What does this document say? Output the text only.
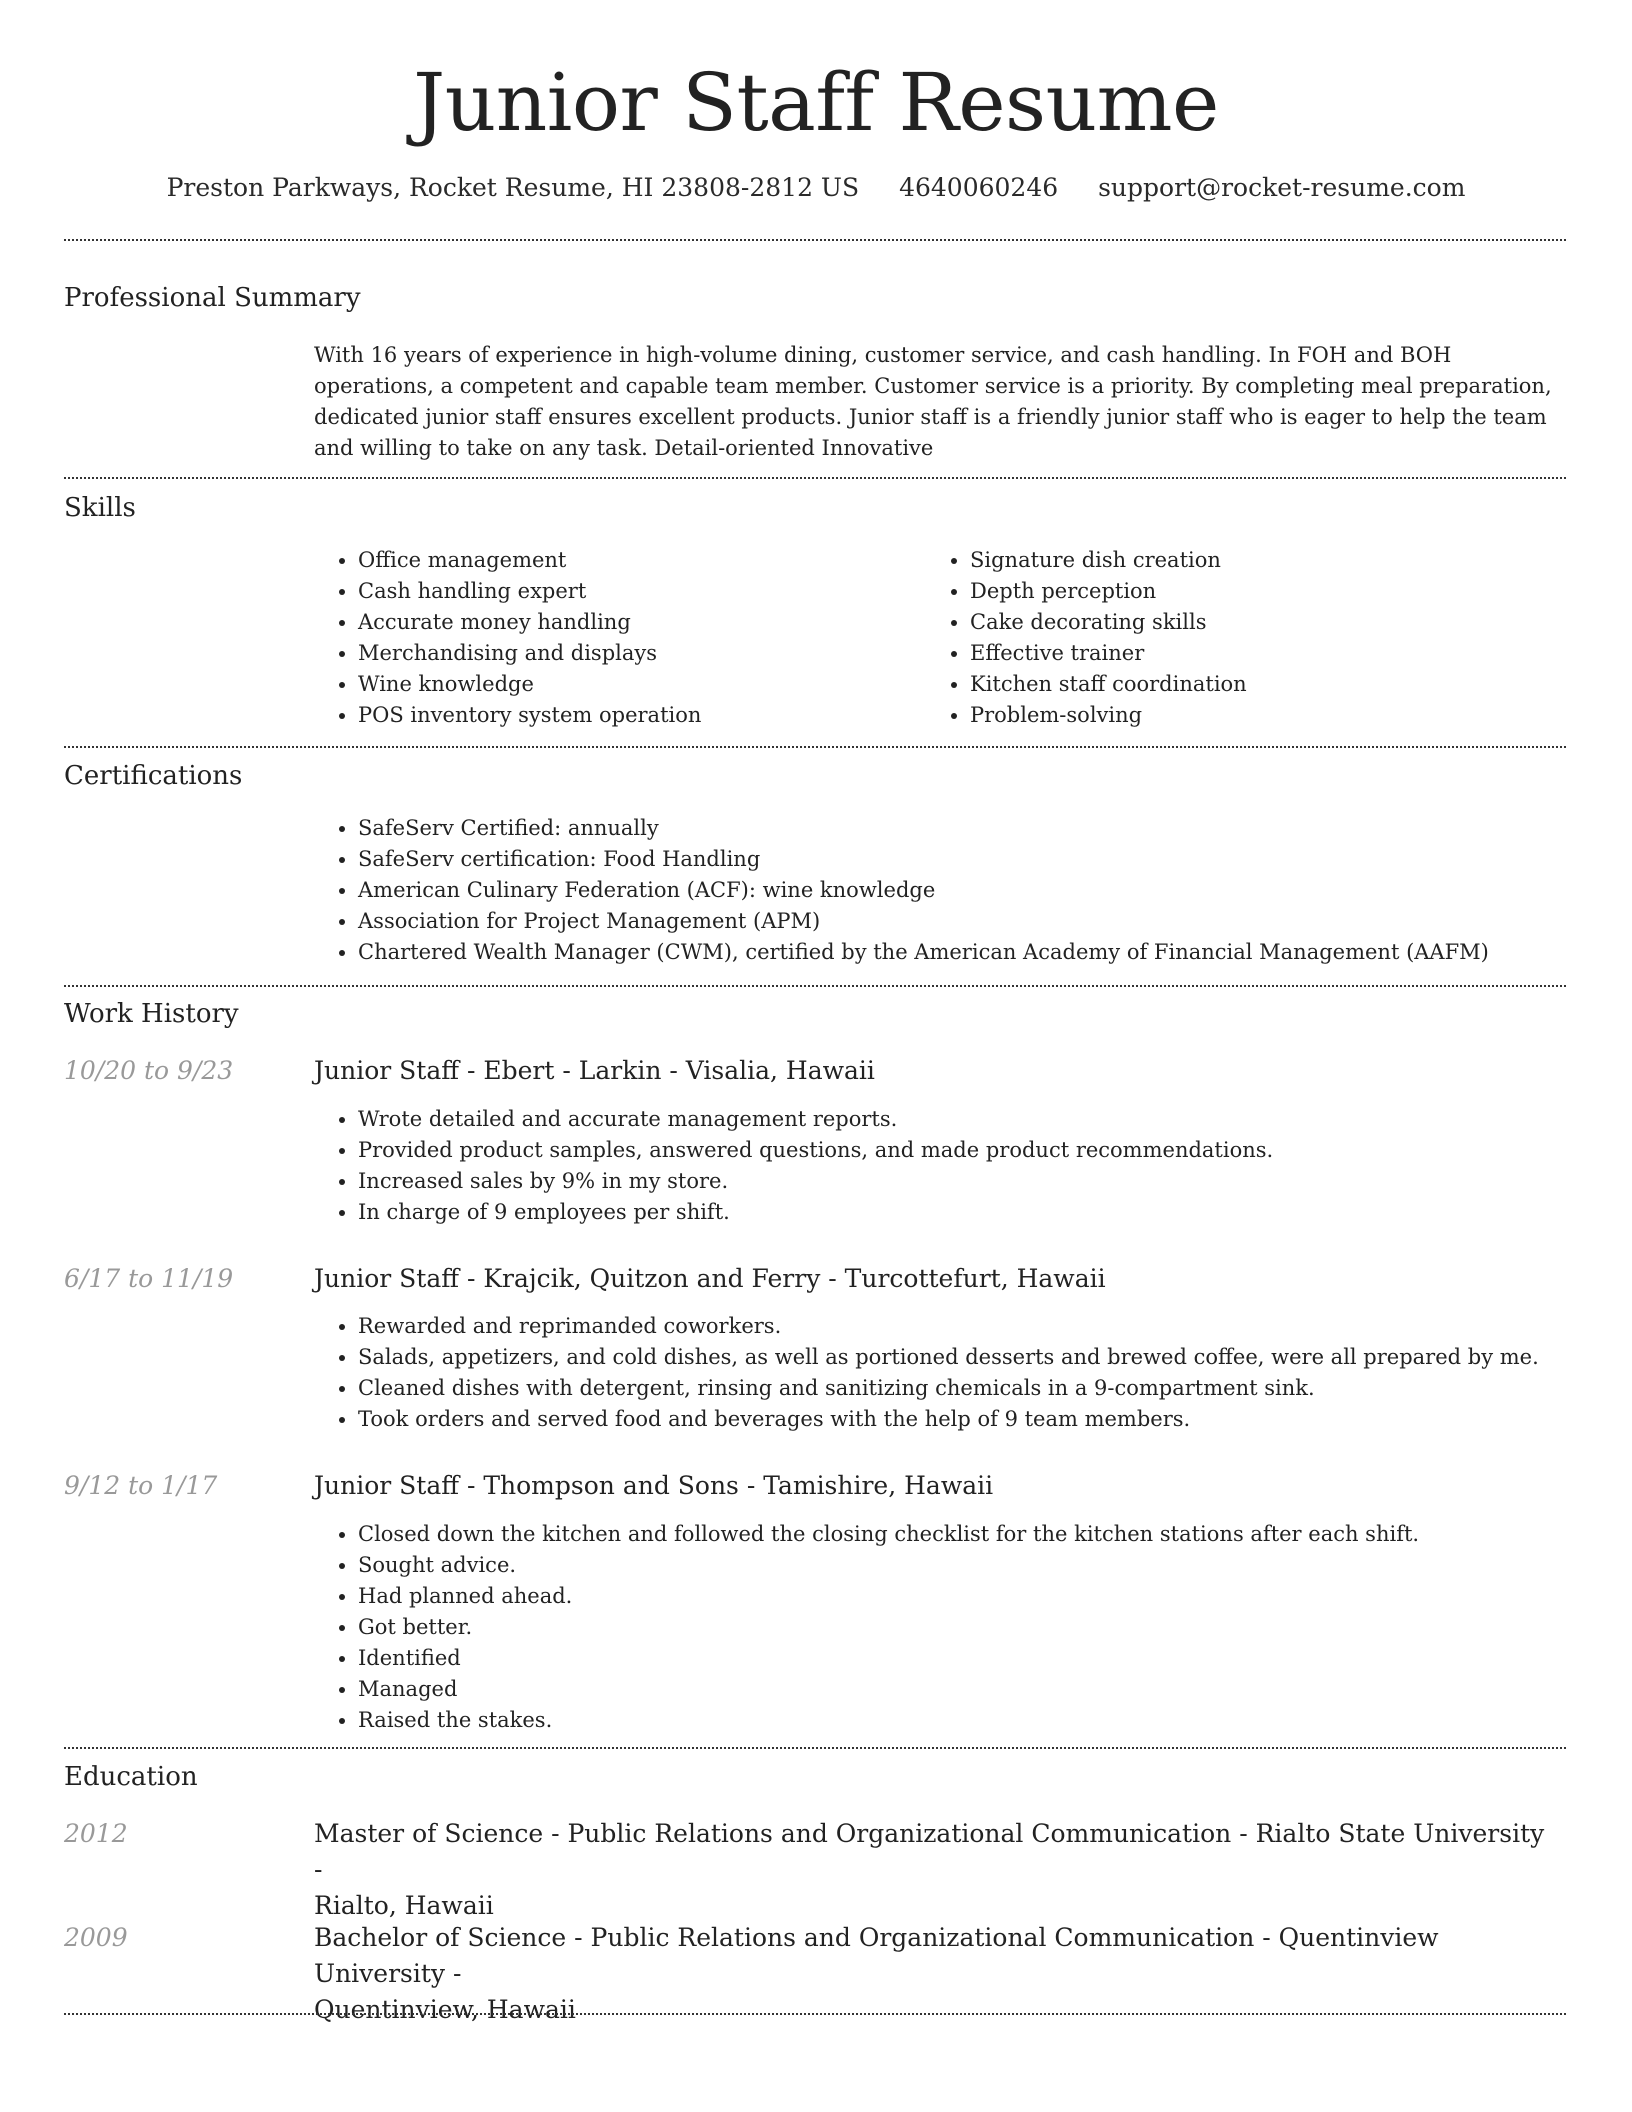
Junior Staff Resume
Preston Parkways, Rocket Resume, HI 23808-2812 US 4640060246 support@rocket-resume.com
Professional Summary

With 16 years of experience in high-volume dining, customer service, and cash handling. In FOH and BOH operations, a competent and capable team member. Customer service is a priority. By completing meal preparation, dedicated junior staff ensures excellent products. Junior staff is a friendly junior staff who is eager to help the team and willing to take on any task. Detail-oriented Innovative

Skills
• Office management
• Cash handling expert
• Accurate money handling
• Merchandising and displays
• Wine knowledge
• POS inventory system operation
• Signature dish creation
• Depth perception
• Cake decorating skills
• Effective trainer
• Kitchen staff coordination
• Problem-solving
Certifications
• SafeServ Certified: annually
• SafeServ certification: Food Handling
• American Culinary Federation (ACF): wine knowledge
• Association for Project Management (APM)
• Chartered Wealth Manager (CWM), certified by the American Academy of Financial Management (AAFM)
Work History
10/20 to 9/23	Junior Staff - Ebert - Larkin - Visalia, Hawaii
• Wrote detailed and accurate management reports.
• Provided product samples, answered questions, and made product recommendations.
• Increased sales by 9% in my store.
• In charge of 9 employees per shift.
6/17 to 11/19	Junior Staff - Krajcik, Quitzon and Ferry - Turcottefurt, Hawaii
• Rewarded and reprimanded coworkers.
• Salads, appetizers, and cold dishes, as well as portioned desserts and brewed coffee, were all prepared by me.
• Cleaned dishes with detergent, rinsing and sanitizing chemicals in a 9-compartment sink.
• Took orders and served food and beverages with the help of 9 team members.
9/12 to 1/17	Junior Staff - Thompson and Sons - Tamishire, Hawaii
• Closed down the kitchen and followed the closing checklist for the kitchen stations after each shift.
• Sought advice.
• Had planned ahead.
• Got better.
• Identified
• Managed
• Raised the stakes.
Education
2012	Master of Science - Public Relations and Organizational Communication - Rialto State University -
Rialto, Hawaii
2009	Bachelor of Science - Public Relations and Organizational Communication - Quentinview University -
Quentinview, Hawaii
